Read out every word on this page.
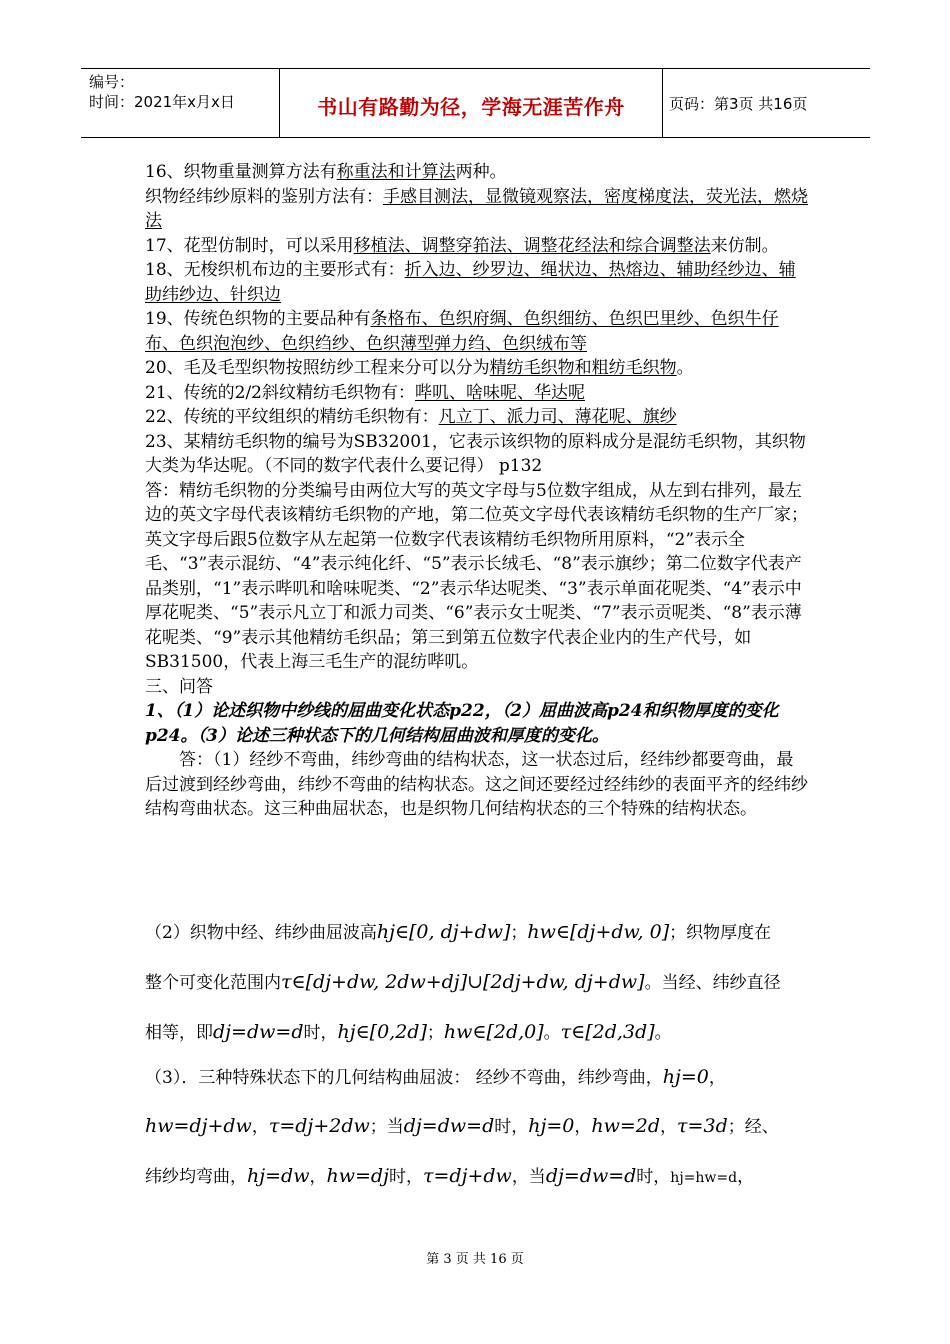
编号：
时间：2021年x月x日	书山有路勤为径，学海无涯苦作舟	页码：第3页 共16页

16、织物重量测算方法有称重法和计算法两种。

织物经纬纱原料的鉴别方法有：手感目测法，显微镜观察法，密度梯度法，荧光法，燃烧法

17、花型仿制时，可以采用移植法、调整穿筘法、调整花经法和综合调整法来仿制。

18、无梭织机布边的主要形式有：折入边、纱罗边、绳状边、热熔边、辅助经纱边、辅助纬纱边、针织边

19、传统色织物的主要品种有条格布、色织府绸、色织细纺、色织巴里纱、色织牛仔布、色织泡泡纱、色织绉纱、色织薄型弹力绉、色织绒布等

20、毛及毛型织物按照纺纱工程来分可以分为精纺毛织物和粗纺毛织物。

21、传统的2/2斜纹精纺毛织物有：哔叽、啥味呢、华达呢

22、传统的平纹组织的精纺毛织物有：凡立丁、派力司、薄花呢、旗纱

23、某精纺毛织物的编号为SB32001，它表示该织物的原料成分是混纺毛织物，其织物大类为华达呢。（不同的数字代表什么要记得） p132

答：精纺毛织物的分类编号由两位大写的英文字母与5位数字组成，从左到右排列，最左边的英文字母代表该精纺毛织物的产地，第二位英文字母代表该精纺毛织物的生产厂家；英文字母后跟5位数字从左起第一位数字代表该精纺毛织物所用原料，“2”表示全毛、“3”表示混纺、“4”表示纯化纤、“5”表示长绒毛、“8”表示旗纱；第二位数字代表产品类别，“1”表示哔叽和啥味呢类、“2”表示华达呢类、“3”表示单面花呢类、“4”表示中厚花呢类、“5”表示凡立丁和派力司类、“6”表示女士呢类、“7”表示贡呢类、“8”表示薄花呢类、“9”表示其他精纺毛织品；第三到第五位数字代表企业内的生产代号，如SB31500，代表上海三毛生产的混纺哔叽。

三、问答

1、（1）论述织物中纱线的屈曲变化状态p22，（2）屈曲波高p24和织物厚度的变化p24。（3）论述三种状态下的几何结构屈曲波和厚度的变化。

答：（1）经纱不弯曲，纬纱弯曲的结构状态，这一状态过后，经纬纱都要弯曲，最后过渡到经纱弯曲，纬纱不弯曲的结构状态。这之间还要经过经纬纱的表面平齐的经纬纱结构弯曲状态。这三种曲屈状态，也是织物几何结构状态的三个特殊的结构状态。

（2）织物中经、纬纱曲屈波高hj∈[0, dj+dw]；hw∈[dj+dw, 0]；织物厚度在
整个可变化范围内τ∈[dj+dw, 2dw+dj]∪[2dj+dw, dj+dw]。当经、纬纱直径
相等，即dj=dw=d时，hj∈[0,2d]；hw∈[2d,0]。τ∈[2d,3d]。
（3）．三种特殊状态下的几何结构曲屈波： 经纱不弯曲，纬纱弯曲，hj=0，
hw=dj+dw，τ=dj+2dw；当dj=dw=d时，hj=0，hw=2d，τ=3d；经、
纬纱均弯曲，hj=dw，hw=dj时，τ=dj+dw，当dj=dw=d时，hj=hw=d，
第 3 页 共 16 页
